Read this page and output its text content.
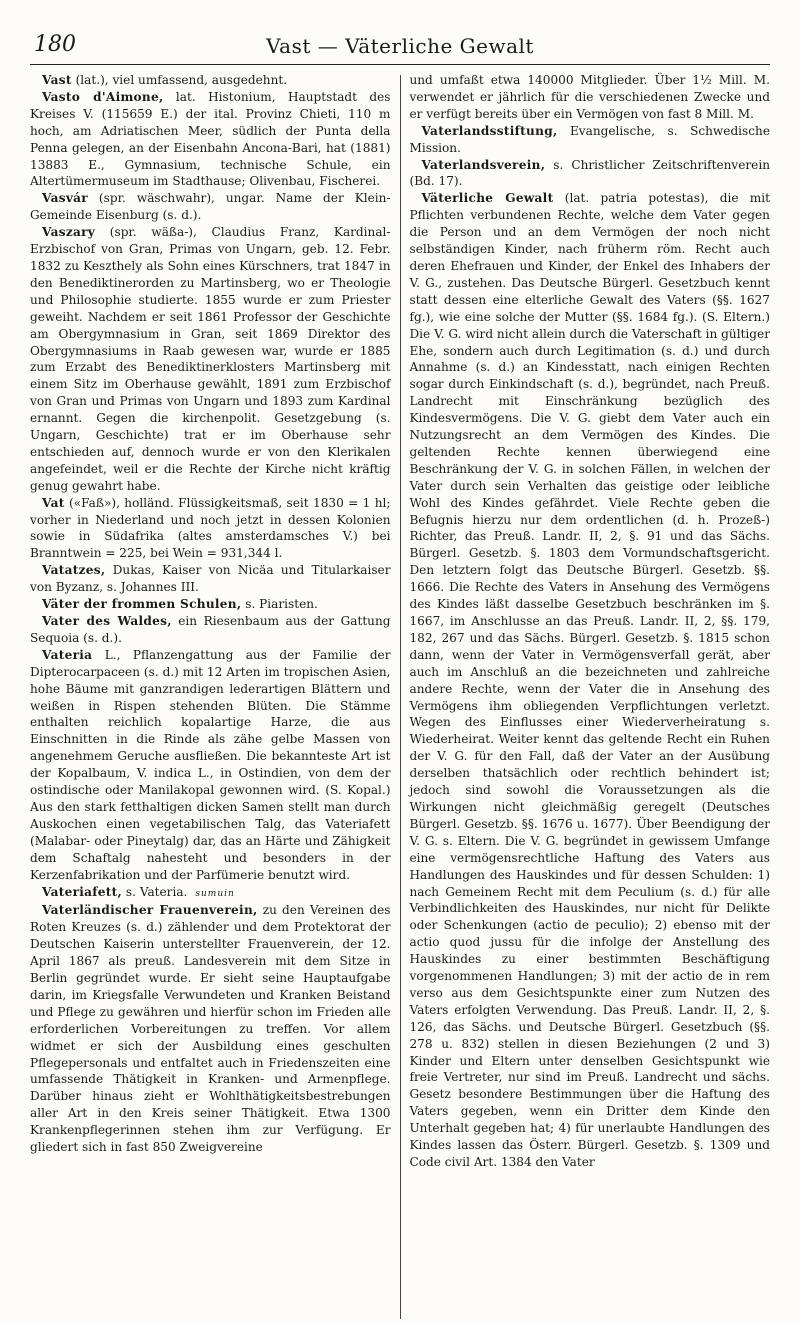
180	Vast — Väterliche Gewalt

Vast (lat.), viel umfassend, ausgedehnt.

Vasto d'Aimone, lat. Histonium, Hauptstadt des Kreises V. (115659 E.) der ital. Provinz Chieti, 110 m hoch, am Adriatischen Meer, südlich der Punta della Penna gelegen, an der Eisenbahn Ancona-Bari, hat (1881) 13883 E., Gymnasium, technische Schule, ein Altertümermuseum im Stadthause; Olivenbau, Fischerei.

Vasvár (spr. wäschwahr), ungar. Name der Klein-Gemeinde Eisenburg (s. d.).

Vaszary (spr. wäßa-), Claudius Franz, Kardinal-Erzbischof von Gran, Primas von Ungarn, geb. 12. Febr. 1832 zu Keszthely als Sohn eines Kürschners, trat 1847 in den Benediktinerorden zu Martinsberg, wo er Theologie und Philosophie studierte. 1855 wurde er zum Priester geweiht. Nachdem er seit 1861 Professor der Geschichte am Obergymnasium in Gran, seit 1869 Direktor des Obergymnasiums in Raab gewesen war, wurde er 1885 zum Erzabt des Benediktinerklosters Martinsberg mit einem Sitz im Oberhause gewählt, 1891 zum Erzbischof von Gran und Primas von Ungarn und 1893 zum Kardinal ernannt. Gegen die kirchenpolit. Gesetzgebung (s. Ungarn, Geschichte) trat er im Oberhause sehr entschieden auf, dennoch wurde er von den Klerikalen angefeindet, weil er die Rechte der Kirche nicht kräftig genug gewahrt habe.

Vat («Faß»), holländ. Flüssigkeitsmaß, seit 1830 = 1 hl; vorher in Niederland und noch jetzt in dessen Kolonien sowie in Südafrika (altes amsterdamsches V.) bei Branntwein = 225, bei Wein = 931,344 l.

Vatatzes, Dukas, Kaiser von Nicäa und Titularkaiser von Byzanz, s. Johannes III.

Väter der frommen Schulen, s. Piaristen.

Vater des Waldes, ein Riesenbaum aus der Gattung Sequoia (s. d.).

Vateria L., Pflanzengattung aus der Familie der Dipterocarpaceen (s. d.) mit 12 Arten im tropischen Asien, hohe Bäume mit ganzrandigen lederartigen Blättern und weißen in Rispen stehenden Blüten. Die Stämme enthalten reichlich kopalartige Harze, die aus Einschnitten in die Rinde als zähe gelbe Massen von angenehmem Geruche ausfließen. Die bekannteste Art ist der Kopalbaum, V. indica L., in Ostindien, von dem der ostindische oder Manilakopal gewonnen wird. (S. Kopal.) Aus den stark fetthaltigen dicken Samen stellt man durch Auskochen einen vegetabilischen Talg, das Vateriafett (Malabar- oder Pineytalg) dar, das an Härte und Zähigkeit dem Schaftalg nahesteht und besonders in der Kerzenfabrikation und der Parfümerie benutzt wird.

Vateriafett, s. Vateria. sumuin

Vaterländischer Frauenverein, zu den Vereinen des Roten Kreuzes (s. d.) zählender und dem Protektorat der Deutschen Kaiserin unterstellter Frauenverein, der 12. April 1867 als preuß. Landesverein mit dem Sitze in Berlin gegründet wurde. Er sieht seine Hauptaufgabe darin, im Kriegsfalle Verwundeten und Kranken Beistand und Pflege zu gewähren und hierfür schon im Frieden alle erforderlichen Vorbereitungen zu treffen. Vor allem widmet er sich der Ausbildung eines geschulten Pflegepersonals und entfaltet auch in Friedenszeiten eine umfassende Thätigkeit in Kranken- und Armenpflege. Darüber hinaus zieht er Wohlthätigkeitsbestrebungen aller Art in den Kreis seiner Thätigkeit. Etwa 1300 Krankenpflegerinnen stehen ihm zur Verfügung. Er gliedert sich in fast 850 Zweigvereine

und umfaßt etwa 140000 Mitglieder. Über 1½ Mill. M. verwendet er jährlich für die verschiedenen Zwecke und er verfügt bereits über ein Vermögen von fast 8 Mill. M.

Vaterlandsstiftung, Evangelische, s. Schwedische Mission.

Vaterlandsverein, s. Christlicher Zeitschriftenverein (Bd. 17).

Väterliche Gewalt (lat. patria potestas), die mit Pflichten verbundenen Rechte, welche dem Vater gegen die Person und an dem Vermögen der noch nicht selbständigen Kinder, nach früherm röm. Recht auch deren Ehefrauen und Kinder, der Enkel des Inhabers der V. G., zustehen. Das Deutsche Bürgerl. Gesetzbuch kennt statt dessen eine elterliche Gewalt des Vaters (§§. 1627 fg.), wie eine solche der Mutter (§§. 1684 fg.). (S. Eltern.) Die V. G. wird nicht allein durch die Vaterschaft in gültiger Ehe, sondern auch durch Legitimation (s. d.) und durch Annahme (s. d.) an Kindesstatt, nach einigen Rechten sogar durch Einkindschaft (s. d.), begründet, nach Preuß. Landrecht mit Einschränkung bezüglich des Kindesvermögens. Die V. G. giebt dem Vater auch ein Nutzungsrecht an dem Vermögen des Kindes. Die geltenden Rechte kennen überwiegend eine Beschränkung der V. G. in solchen Fällen, in welchen der Vater durch sein Verhalten das geistige oder leibliche Wohl des Kindes gefährdet. Viele Rechte geben die Befugnis hierzu nur dem ordentlichen (d. h. Prozeß-) Richter, das Preuß. Landr. II, 2, §. 91 und das Sächs. Bürgerl. Gesetzb. §. 1803 dem Vormundschaftsgericht. Den letztern folgt das Deutsche Bürgerl. Gesetzb. §§. 1666. Die Rechte des Vaters in Ansehung des Vermögens des Kindes läßt dasselbe Gesetzbuch beschränken im §. 1667, im Anschlusse an das Preuß. Landr. II, 2, §§. 179, 182, 267 und das Sächs. Bürgerl. Gesetzb. §. 1815 schon dann, wenn der Vater in Vermögensverfall gerät, aber auch im Anschluß an die bezeichneten und zahlreiche andere Rechte, wenn der Vater die in Ansehung des Vermögens ihm obliegenden Verpflichtungen verletzt. Wegen des Einflusses einer Wiederverheiratung s. Wiederheirat. Weiter kennt das geltende Recht ein Ruhen der V. G. für den Fall, daß der Vater an der Ausübung derselben thatsächlich oder rechtlich behindert ist; jedoch sind sowohl die Voraussetzungen als die Wirkungen nicht gleichmäßig geregelt (Deutsches Bürgerl. Gesetzb. §§. 1676 u. 1677). Über Beendigung der V. G. s. Eltern. Die V. G. begründet in gewissem Umfange eine vermögensrechtliche Haftung des Vaters aus Handlungen des Hauskindes und für dessen Schulden: 1) nach Gemeinem Recht mit dem Peculium (s. d.) für alle Verbindlichkeiten des Hauskindes, nur nicht für Delikte oder Schenkungen (actio de peculio); 2) ebenso mit der actio quod jussu für die infolge der Anstellung des Hauskindes zu einer bestimmten Beschäftigung vorgenommenen Handlungen; 3) mit der actio de in rem verso aus dem Gesichtspunkte einer zum Nutzen des Vaters erfolgten Verwendung. Das Preuß. Landr. II, 2, §. 126, das Sächs. und Deutsche Bürgerl. Gesetzbuch (§§. 278 u. 832) stellen in diesen Beziehungen (2 und 3) Kinder und Eltern unter denselben Gesichtspunkt wie freie Vertreter, nur sind im Preuß. Landrecht und sächs. Gesetz besondere Bestimmungen über die Haftung des Vaters gegeben, wenn ein Dritter dem Kinde den Unterhalt gegeben hat; 4) für unerlaubte Handlungen des Kindes lassen das Österr. Bürgerl. Gesetzb. §. 1309 und Code civil Art. 1384 den Vater
